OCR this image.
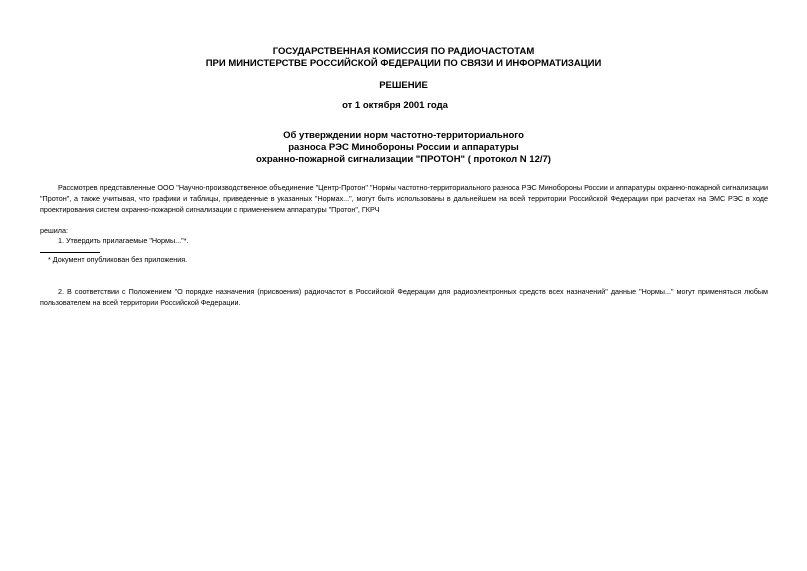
ГОСУДАРСТВЕННАЯ КОМИССИЯ ПО РАДИОЧАСТОТАМ
ПРИ МИНИСТЕРСТВЕ РОССИЙСКОЙ ФЕДЕРАЦИИ ПО СВЯЗИ И ИНФОРМАТИЗАЦИИ
РЕШЕНИЕ
от 1 октября 2001 года
Об утверждении норм частотно-территориального
разноса РЭС Минобороны России и аппаратуры
охранно-пожарной сигнализации "ПРОТОН" ( протокол N 12/7)
Рассмотрев представленные ООО "Научно-производственное объединение "Центр-Протон" "Нормы частотно-территориального разноса РЭС Минобороны России и аппаратуры охранно-пожарной сигнализации "Протон", а также учитывая, что графики и таблицы, приведенные в указанных "Нормах...", могут быть использованы в дальнейшем на всей территории Российской Федерации при расчетах на ЭМС РЭС в ходе проектирования систем охранно-пожарной сигнализации с применением аппаратуры "Протон", ГКРЧ
решила:
1. Утвердить прилагаемые "Нормы..."*.
* Документ опубликован без приложения.
2. В соответствии с Положением "О порядке назначения (присвоения) радиочастот в Российской Федерации для радиоэлектронных средств всех назначений" данные "Нормы..." могут применяться любым пользователем на всей территории Российской Федерации.
